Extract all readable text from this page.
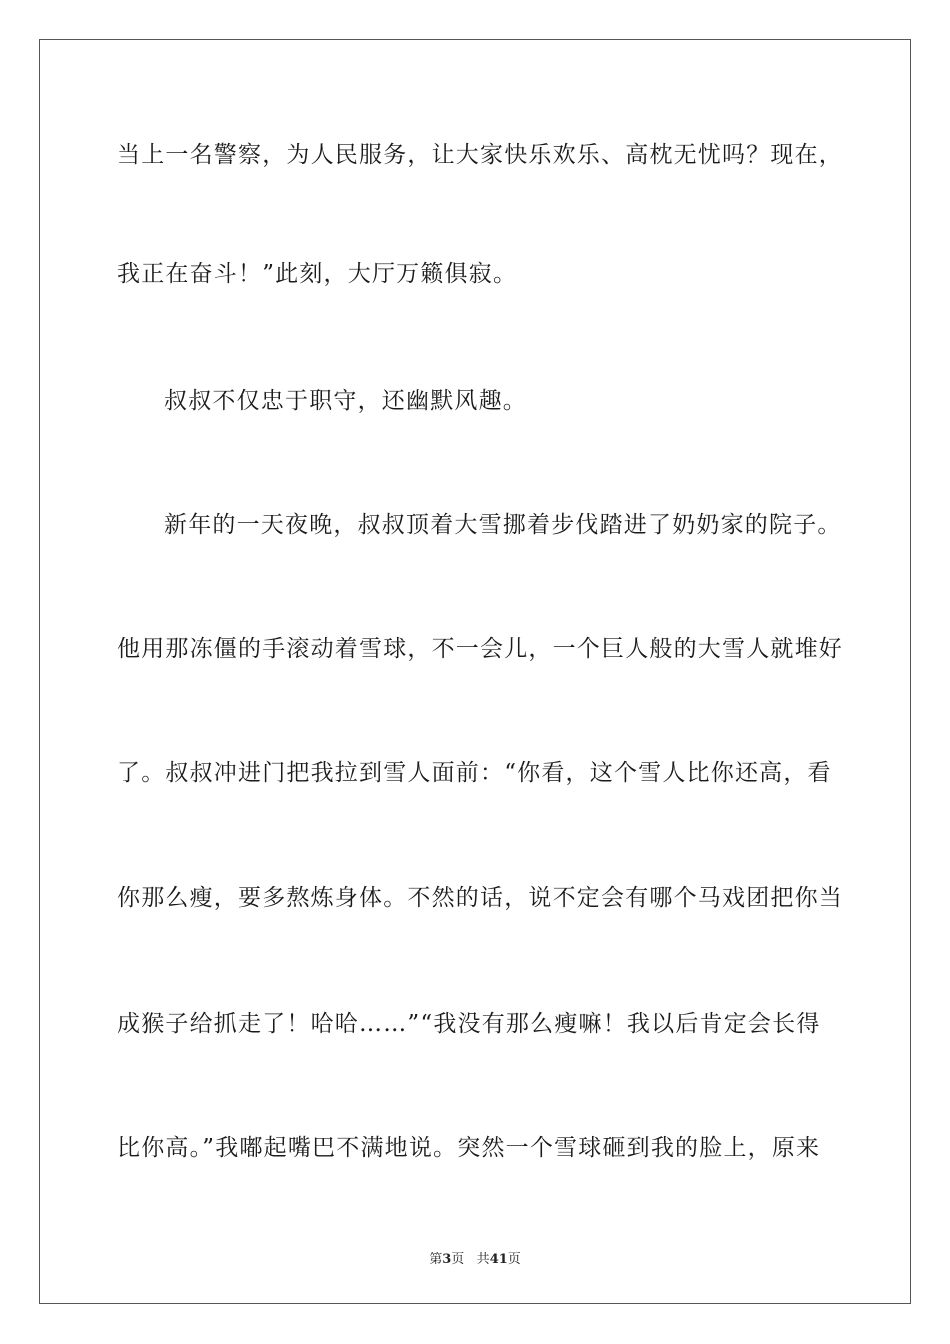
当上一名警察，为人民服务，让大家快乐欢乐、高枕无忧吗？现在，
我正在奋斗！”此刻，大厅万籁俱寂。
叔叔不仅忠于职守，还幽默风趣。
新年的一天夜晚，叔叔顶着大雪挪着步伐踏进了奶奶家的院子。
他用那冻僵的手滚动着雪球，不一会儿，一个巨人般的大雪人就堆好
了。叔叔冲进门把我拉到雪人面前：“你看，这个雪人比你还高，看
你那么瘦，要多熬炼身体。不然的话，说不定会有哪个马戏团把你当
成猴子给抓走了！哈哈……”“我没有那么瘦嘛！我以后肯定会长得
比你高。”我嘟起嘴巴不满地说。突然一个雪球砸到我的脸上，原来
第3页 共41页
